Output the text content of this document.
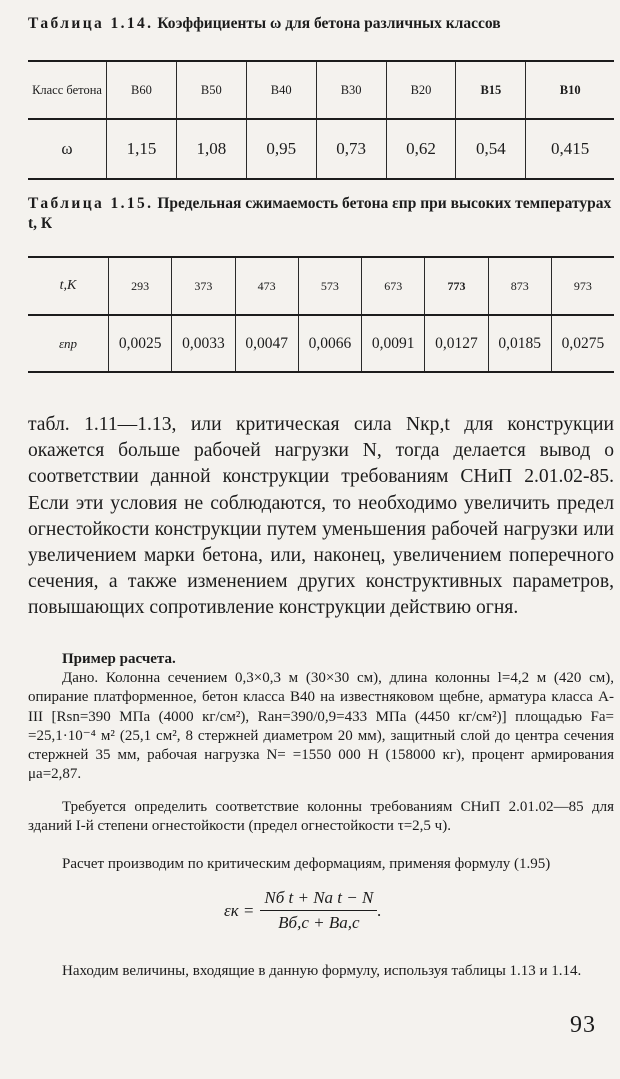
Таблица 1.14. Коэффициенты ω для бетона различных классов
Класс бетона	В60	В50	В40	В30	В20	В15	В10
ω	1,15	1,08	0,95	0,73	0,62	0,54	0,415
Таблица 1.15. Предельная сжимаемость бетона εпр при высоких температурах t, К
t,К	293	373	473	573	673	773	873	973
εпр	0,0025	0,0033	0,0047	0,0066	0,0091	0,0127	0,0185	0,0275

табл. 1.11—1.13, или критическая сила Nкр,t для конструкции окажется больше рабочей нагрузки N, тогда делается вывод о соответствии данной конструкции требованиям СНиП 2.01.02-85. Если эти условия не соблюдаются, то необходимо увеличить предел огнестойкости конструкции путем уменьшения рабочей нагрузки или увеличением марки бетона, или, наконец, увеличением поперечного сечения, а также изменением других конструктивных параметров, повышающих сопротивление конструкции действию огня.

Пример расчета.

Дано. Колонна сечением 0,3×0,3 м (30×30 см), длина колонны l=4,2 м (420 см), опирание платформенное, бетон класса В40 на известняковом щебне, арматура класса А-III [Rsn=390 МПа (4000 кг/см²), Rан=390/0,9=433 МПа (4450 кг/см²)] площадью Fa= =25,1·10⁻⁴ м² (25,1 см², 8 стержней диаметром 20 мм), защитный слой до центра сечения стержней 35 мм, рабочая нагрузка N= =1550 000 Н (158000 кг), процент армирования μа=2,87.

Требуется определить соответствие колонны требованиям СНиП 2.01.02—85 для зданий I-й степени огнестойкости (предел огнестойкости τ=2,5 ч).

Расчет производим по критическим деформациям, применяя формулу (1.95)

$\varepsilon к = \frac{\text{Nб t + Nа t − N}}{Bб,с + Bа,с}$ .

Находим величины, входящие в данную формулу, используя таблицы 1.13 и 1.14.

93
